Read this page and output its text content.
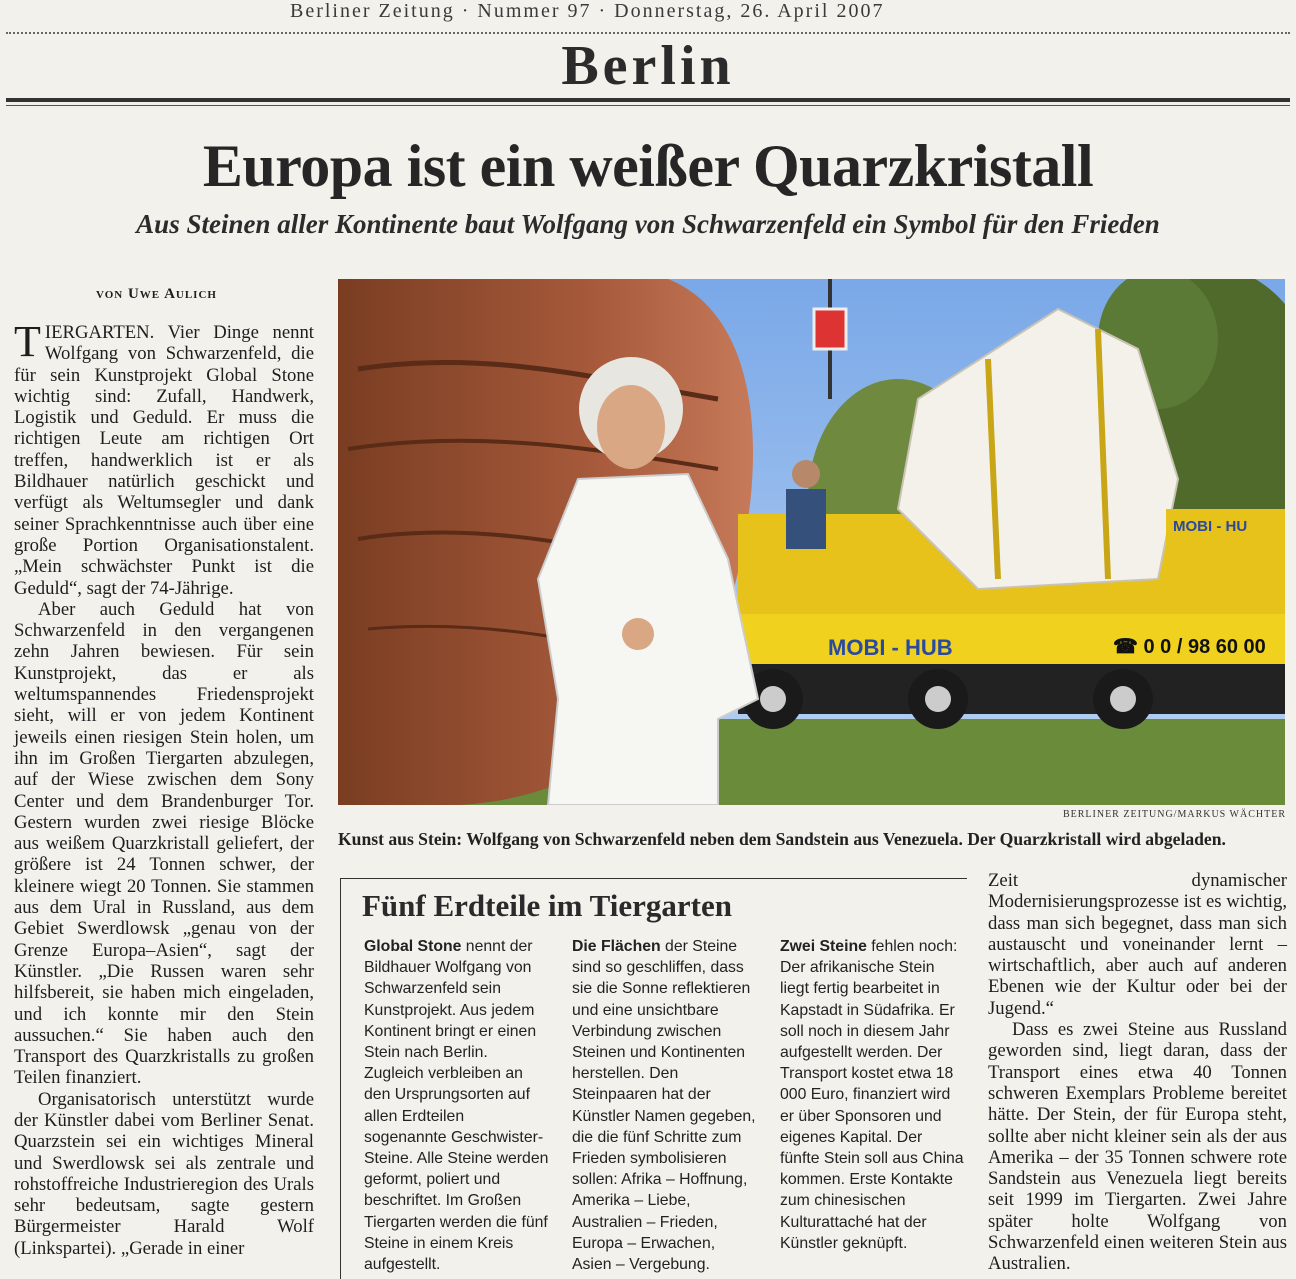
Berliner Zeitung · Nummer 97 · Donnerstag, 26. April 2007
Berlin
Europa ist ein weißer Quarzkristall
Aus Steinen aller Kontinente baut Wolfgang von Schwarzenfeld ein Symbol für den Frieden
von Uwe Aulich

TIERGARTEN. Vier Dinge nennt Wolfgang von Schwarzenfeld, die für sein Kunstprojekt Global Stone wichtig sind: Zufall, Handwerk, Logistik und Geduld. Er muss die richtigen Leute am richtigen Ort treffen, handwerklich ist er als Bildhauer natürlich geschickt und verfügt als Weltumsegler und dank seiner Sprachkenntnisse auch über eine große Portion Organisationstalent. „Mein schwächster Punkt ist die Geduld“, sagt der 74-Jährige.

Aber auch Geduld hat von Schwarzenfeld in den vergangenen zehn Jahren bewiesen. Für sein Kunstprojekt, das er als weltumspannendes Friedensprojekt sieht, will er von jedem Kontinent jeweils einen riesigen Stein holen, um ihn im Großen Tiergarten abzulegen, auf der Wiese zwischen dem Sony Center und dem Brandenburger Tor. Gestern wurden zwei riesige Blöcke aus weißem Quarzkristall geliefert, der größere ist 24 Tonnen schwer, der kleinere wiegt 20 Tonnen. Sie stammen aus dem Ural in Russland, aus dem Gebiet Swerdlowsk „genau von der Grenze Europa–Asien“, sagt der Künstler. „Die Russen waren sehr hilfsbereit, sie haben mich eingeladen, und ich konnte mir den Stein aussuchen.“ Sie haben auch den Transport des Quarzkristalls zu großen Teilen finanziert.

Organisatorisch unterstützt wurde der Künstler dabei vom Berliner Senat. Quarzstein sei ein wichtiges Mineral und Swerdlowsk sei als zentrale und rohstoffreiche Industrieregion des Urals sehr bedeutsam, sagte gestern Bürgermeister Harald Wolf (Linkspartei). „Gerade in einer

MOBI - HUB	☎ 0 0 / 98 60 00
MOBI - HU
BERLINER ZEITUNG/MARKUS WÄCHTER
Kunst aus Stein: Wolfgang von Schwarzenfeld neben dem Sandstein aus Venezuela. Der Quarzkristall wird abgeladen.
Fünf Erdteile im Tiergarten
Global Stone nennt der Bildhauer Wolfgang von Schwarzenfeld sein Kunstprojekt. Aus jedem Kontinent bringt er einen Stein nach Berlin. Zugleich verbleiben an den Ursprungsorten auf allen Erdteilen sogenannte Geschwister-Steine. Alle Steine werden geformt, poliert und beschriftet. Im Großen Tiergarten werden die fünf Steine in einem Kreis aufgestellt.
Die Flächen der Steine sind so geschliffen, dass sie die Sonne reflektieren und eine unsichtbare Verbindung zwischen Steinen und Kontinenten herstellen. Den Steinpaaren hat der Künstler Namen gegeben, die die fünf Schritte zum Frieden symbolisieren sollen: Afrika – Hoffnung, Amerika – Liebe, Australien – Frieden, Europa – Erwachen, Asien – Vergebung.
Zwei Steine fehlen noch: Der afrikanische Stein liegt fertig bearbeitet in Kapstadt in Südafrika. Er soll noch in diesem Jahr aufgestellt werden. Der Transport kostet etwa 18 000 Euro, finanziert wird er über Sponsoren und eigenes Kapital. Der fünfte Stein soll aus China kommen. Erste Kontakte zum chinesischen Kulturattaché hat der Künstler geknüpft.

Zeit dynamischer Modernisierungsprozesse ist es wichtig, dass man sich begegnet, dass man sich austauscht und voneinander lernt – wirtschaftlich, aber auch auf anderen Ebenen wie der Kultur oder bei der Jugend.“

Dass es zwei Steine aus Russland geworden sind, liegt daran, dass der Transport eines etwa 40 Tonnen schweren Exemplars Probleme bereitet hätte. Der Stein, der für Europa steht, sollte aber nicht kleiner sein als der aus Amerika – der 35 Tonnen schwere rote Sandstein aus Venezuela liegt bereits seit 1999 im Tiergarten. Zwei Jahre später holte Wolfgang von Schwarzenfeld einen weiteren Stein aus Australien.
